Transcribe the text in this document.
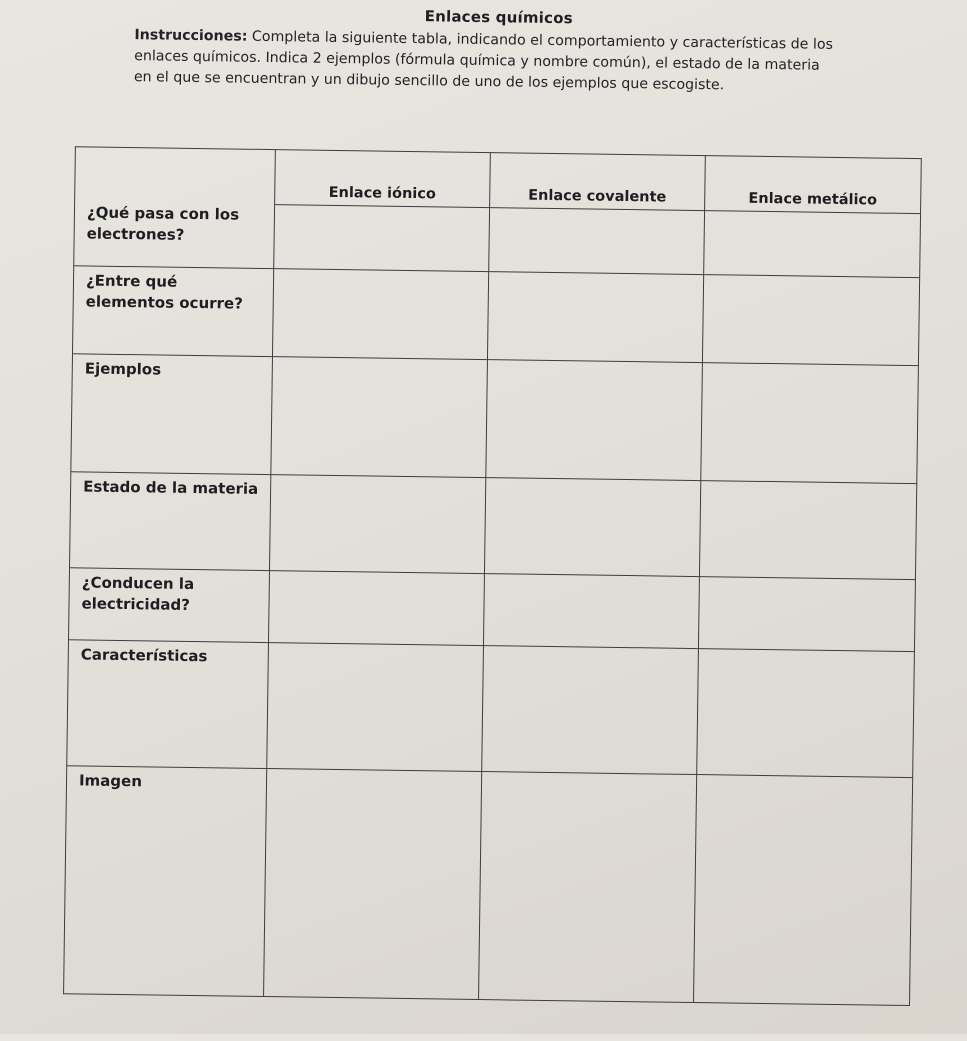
Enlaces químicos
Instrucciones: Completa la siguiente tabla, indicando el comportamiento y características de los enlaces químicos. Indica 2 ejemplos (fórmula química y nombre común), el estado de la materia en el que se encuentran y un dibujo sencillo de uno de los ejemplos que escogiste.
	Enlace iónico	Enlace covalente	Enlace metálico
¿Qué pasa con los electrones?			
¿Entre qué elementos ocurre?			
Ejemplos			
Estado de la materia			
¿Conducen la electricidad?			
Características			
Imagen			
